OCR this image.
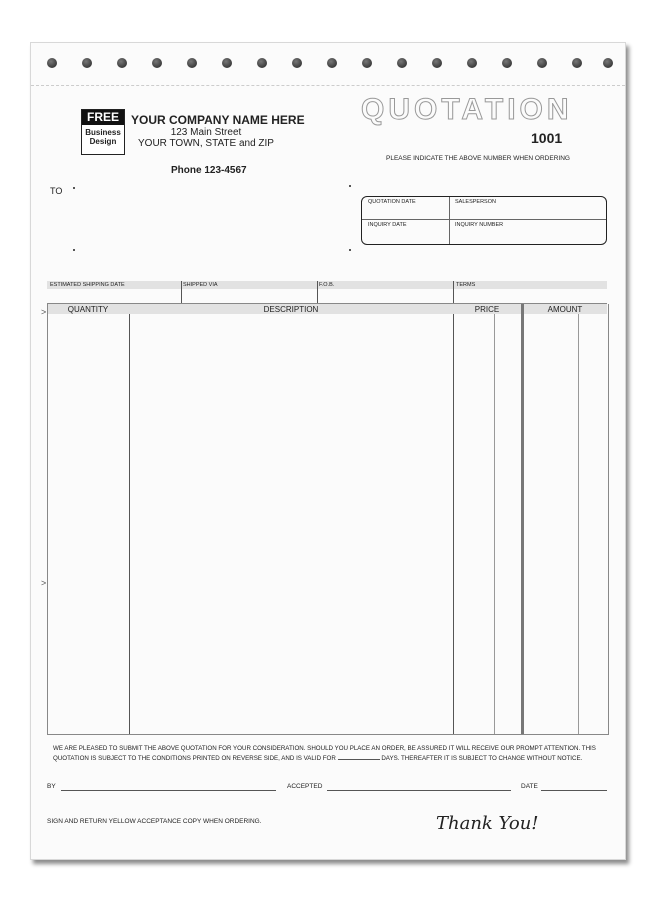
FREE
Business
Design
YOUR COMPANY NAME HERE
123 Main Street
YOUR TOWN, STATE and ZIP
Phone 123-4567
QUOTATION
1001
PLEASE INDICATE THE ABOVE NUMBER WHEN ORDERING
TO
QUOTATION DATE	SALESPERSON
INQUIRY DATE	INQUIRY NUMBER
ESTIMATED SHIPPING DATE	SHIPPED VIA	F.O.B.	TERMS
QUANTITY	DESCRIPTION	PRICE	AMOUNT
>
>
WE ARE PLEASED TO SUBMIT THE ABOVE QUOTATION FOR YOUR CONSIDERATION. SHOULD YOU PLACE AN ORDER, BE ASSURED IT WILL RECEIVE OUR PROMPT ATTENTION. THIS QUOTATION IS SUBJECT TO THE CONDITIONS PRINTED ON REVERSE SIDE, AND IS VALID FOR	DAYS. THEREAFTER IT IS SUBJECT TO CHANGE WITHOUT NOTICE.
BY	ACCEPTED	DATE
SIGN AND RETURN YELLOW ACCEPTANCE COPY WHEN ORDERING.	Thank You!
